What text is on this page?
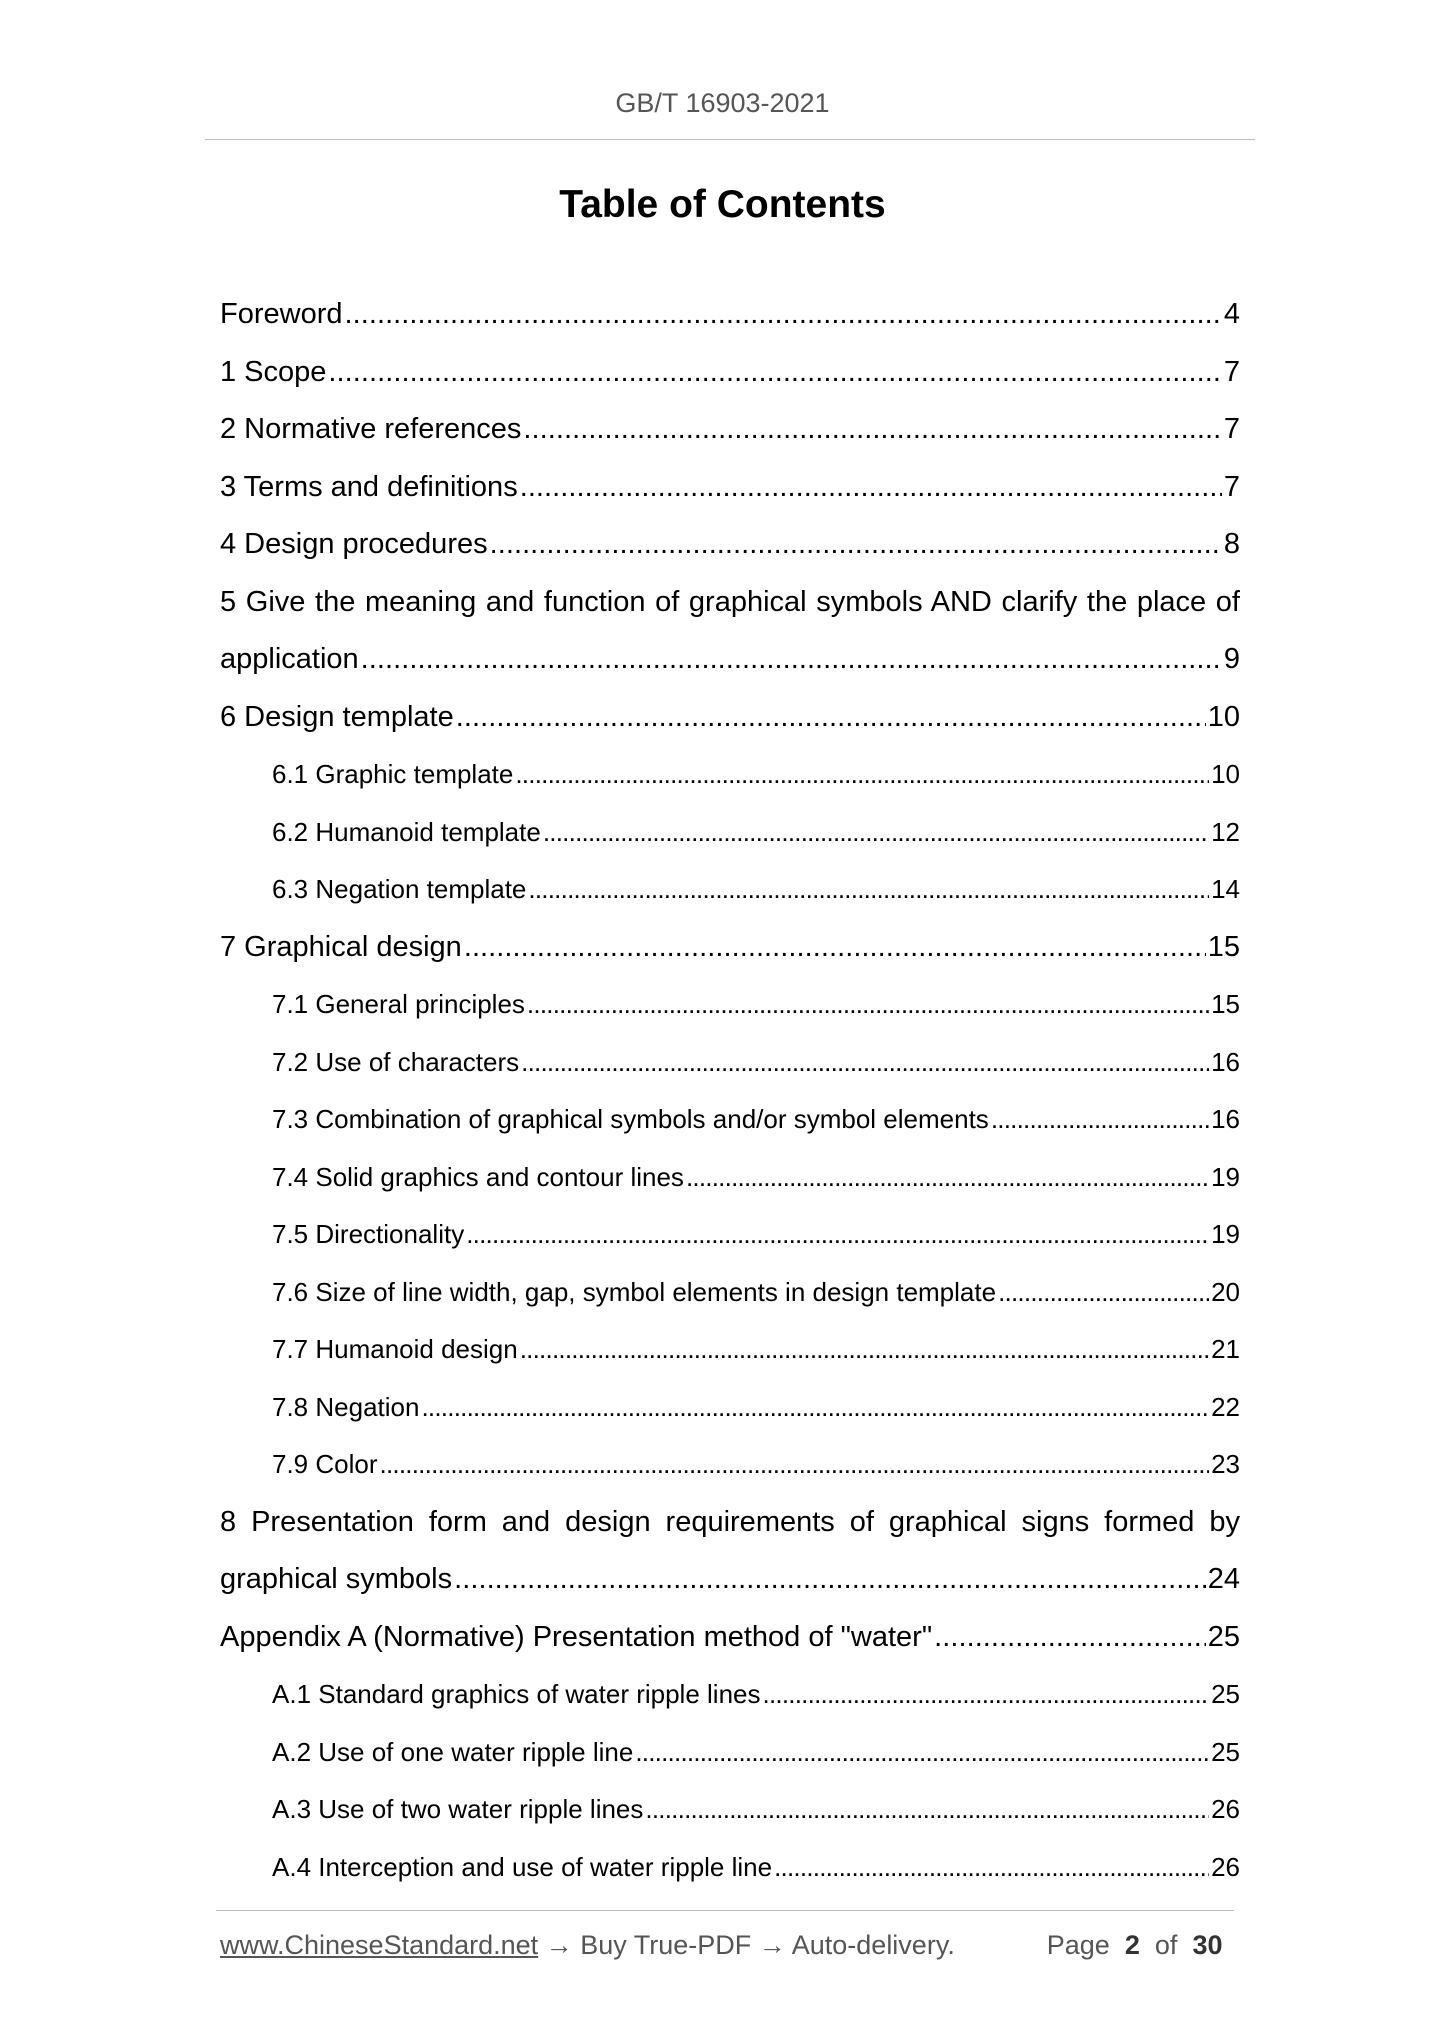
GB/T 16903-2021
Table of Contents
Foreword . . .	4
1 Scope . . .	7
2 Normative references . . .	7
3 Terms and definitions . . .	7
4 Design procedures . . .	8
5 Give the meaning and function of graphical symbols AND clarify the place of
application . . .	9
6 Design template . . .	10
6.1 Graphic template . . .	10
6.2 Humanoid template . . .	12
6.3 Negation template . . .	14
7 Graphical design . . .	15
7.1 General principles . . .	15
7.2 Use of characters . . .	16
7.3 Combination of graphical symbols and/or symbol elements . . .	16
7.4 Solid graphics and contour lines . . .	19
7.5 Directionality . . .	19
7.6 Size of line width, gap, symbol elements in design template . . .	20
7.7 Humanoid design . . .	21
7.8 Negation . . .	22
7.9 Color . . .	23
8 Presentation form and design requirements of graphical signs formed by
graphical symbols . . .	24
Appendix A (Normative) Presentation method of "water" . . .	25
A.1 Standard graphics of water ripple lines . . .	25
A.2 Use of one water ripple line . . .	25
A.3 Use of two water ripple lines . . .	26
A.4 Interception and use of water ripple line . . .	26
www.ChineseStandard.net → Buy True-PDF → Auto-delivery.	Page 2 of 30
